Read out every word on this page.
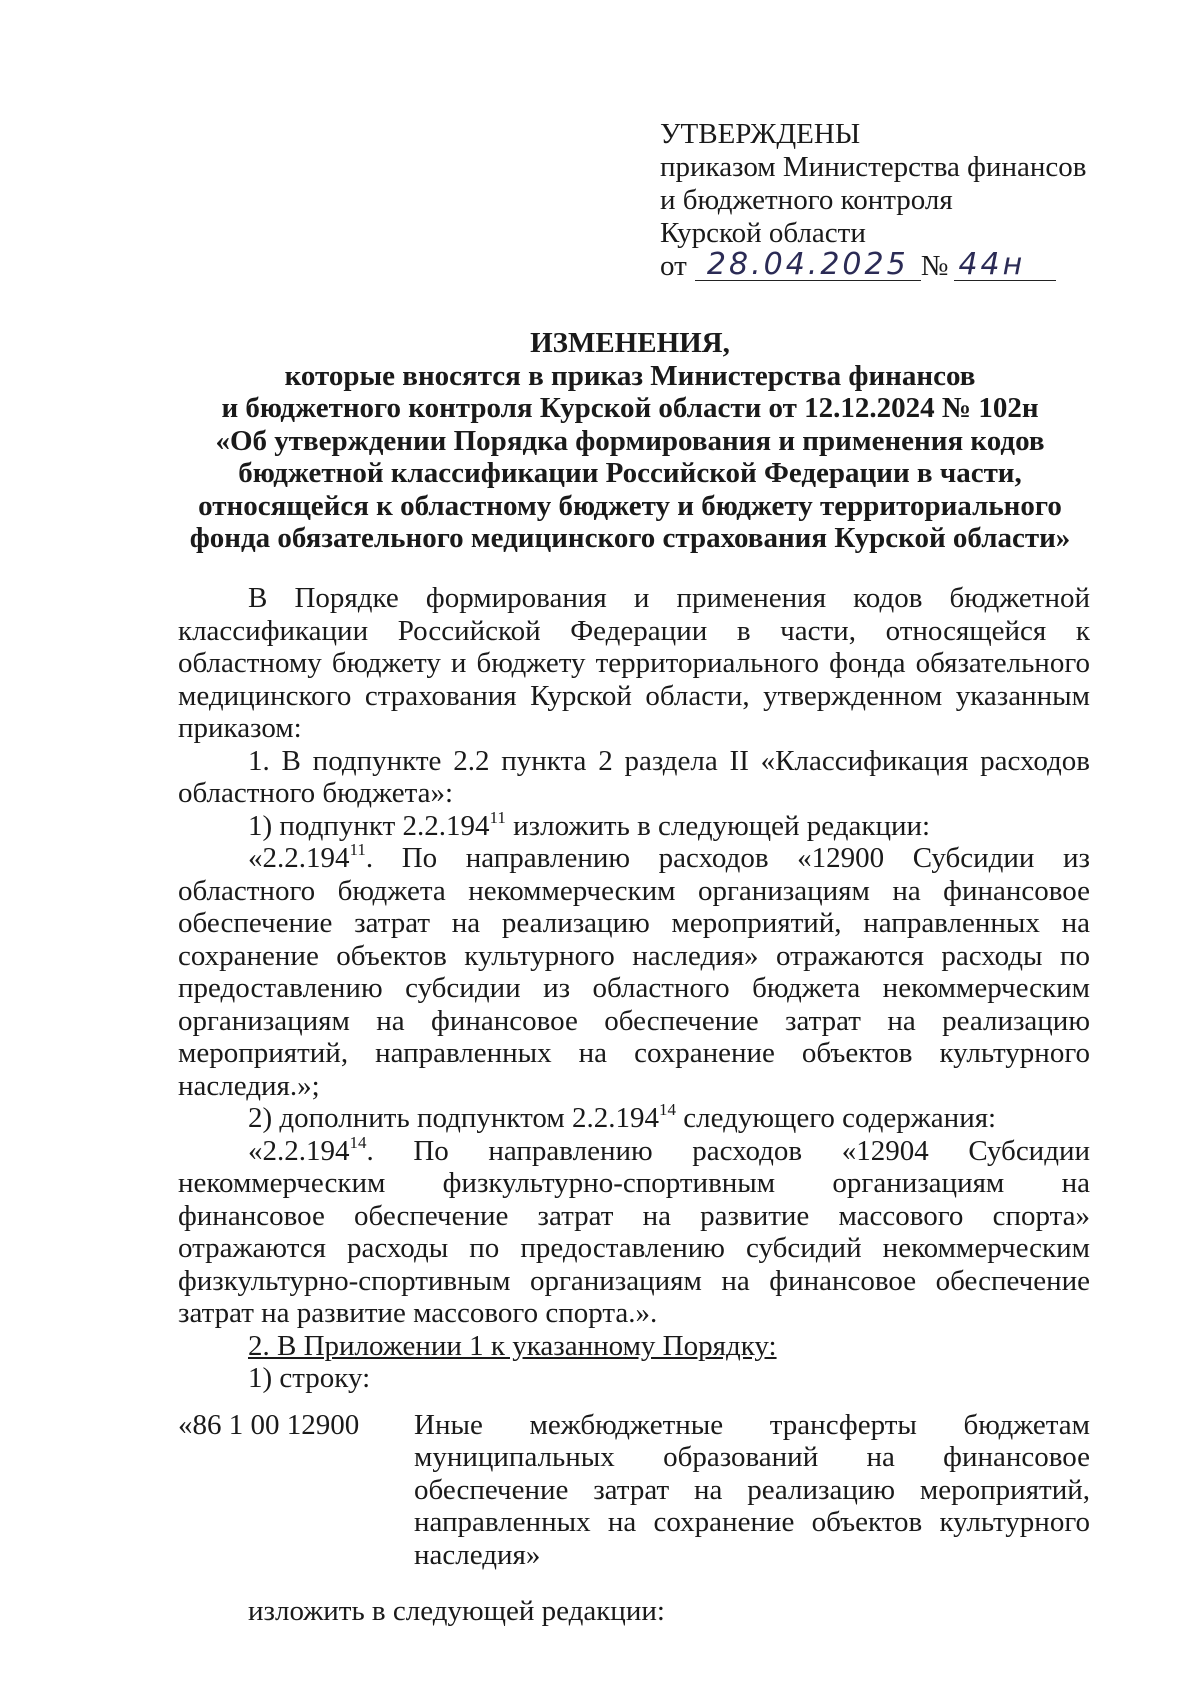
УТВЕРЖДЕНЫ
приказом Министерства финансов
и бюджетного контроля
Курской области
от 28.04.2025 № 44н
ИЗМЕНЕНИЯ,
которые вносятся в приказ Министерства финансов
и бюджетного контроля Курской области от 12.12.2024 № 102н
«Об утверждении Порядка формирования и применения кодов
бюджетной классификации Российской Федерации в части,
относящейся к областному бюджету и бюджету территориального
фонда обязательного медицинского страхования Курской области»

В Порядке формирования и применения кодов бюджетной классификации Российской Федерации в части, относящейся к областному бюджету и бюджету территориального фонда обязательного медицинского страхования Курской области, утвержденном указанным приказом:

1. В подпункте 2.2 пункта 2 раздела II «Классификация расходов областного бюджета»:

1) подпункт 2.2.194$^{11}$ изложить в следующей редакции:

«2.2.194$^{11}$. По направлению расходов «12900 Субсидии из областного бюджета некоммерческим организациям на финансовое обеспечение затрат на реализацию мероприятий, направленных на сохранение объектов культурного наследия» отражаются расходы по предоставлению субсидии из областного бюджета некоммерческим организациям на финансовое обеспечение затрат на реализацию мероприятий, направленных на сохранение объектов культурного наследия.»;

2) дополнить подпунктом 2.2.194$^{14}$ следующего содержания:

«2.2.194$^{14}$. По направлению расходов «12904 Субсидии некоммерческим физкультурно-спортивным организациям на финансовое обеспечение затрат на развитие массового спорта» отражаются расходы по предоставлению субсидий некоммерческим физкультурно-спортивным организациям на финансовое обеспечение затрат на развитие массового спорта.».

2. В Приложении 1 к указанному Порядку:

1) строку:

«86 1 00 12900	Иные межбюджетные трансферты бюджетам муниципальных образований на финансовое обеспечение затрат на реализацию мероприятий, направленных на сохранение объектов культурного наследия»

изложить в следующей редакции:
